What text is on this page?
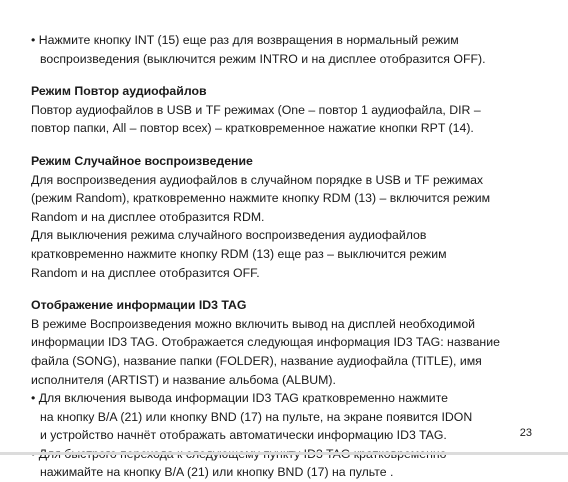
• Нажмите кнопку INT (15) еще раз для возвращения в нормальный режим
воспроизведения (выключится режим INTRO и на дисплее отобразится OFF).
Режим Повтор аудиофайлов
Повтор аудиофайлов в USB и TF режимах (One – повтор 1 аудиофайла, DIR –
повтор папки, All – повтор всех) – кратковременное нажатие кнопки RPT (14).
Режим Случайное воспроизведение
Для воспроизведения аудиофайлов в случайном порядке в USB и TF режимах
(режим Random), кратковременно нажмите кнопку RDM (13) – включится режим
Random и на дисплее отобразится RDM.
Для выключения режима случайного воспроизведения аудиофайлов
кратковременно нажмите кнопку RDM (13) еще раз – выключится режим
Random и на дисплее отобразится OFF.
Отображение информации ID3 TAG
В режиме Воспроизведения можно включить вывод на дисплей необходимой
информации ID3 TAG. Отображается следующая информация ID3 TAG: название
файла (SONG), название папки (FOLDER), название аудиофайла (TITLE), имя
исполнителя (ARTIST) и название альбома (ALBUM).
• Для включения вывода информации ID3 TAG кратковременно нажмите
на кнопку B/A (21) или кнопку BND (17) на пульте, на экране появится IDON
и устройство начнёт отображать автоматически информацию ID3 TAG.
нажимайте на кнопку B/A (21) или кнопку BND (17) на пульте .
23
